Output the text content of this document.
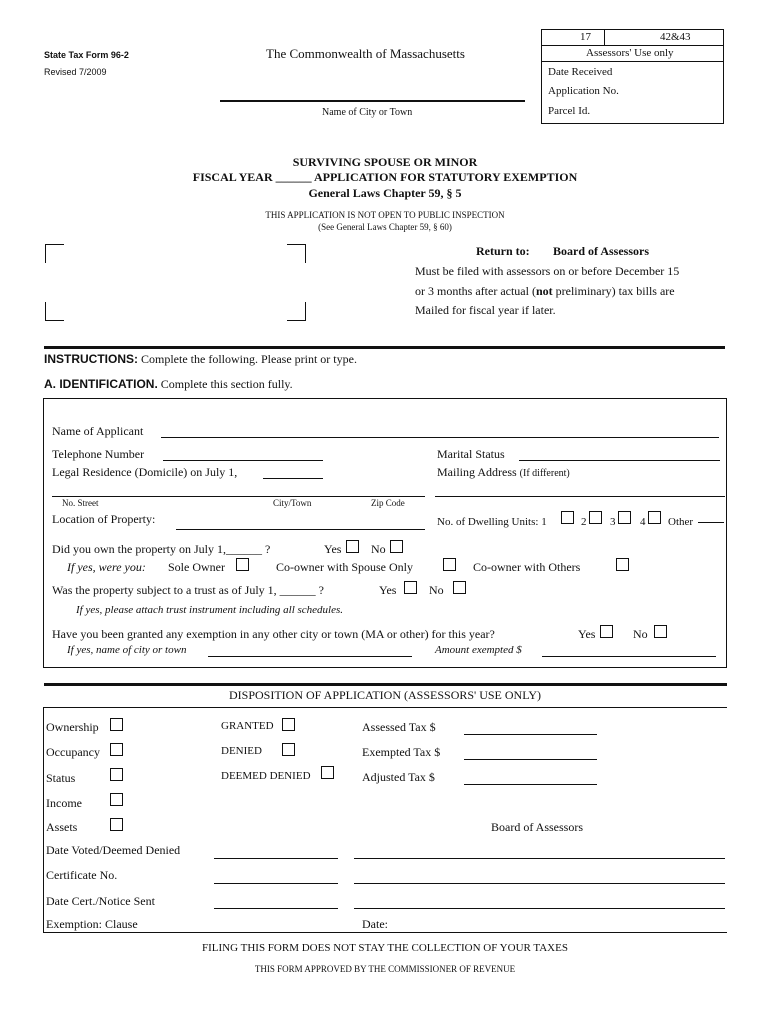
State Tax Form 96-2
Revised 7/2009
The Commonwealth of Massachusetts
Name of City or Town
17	42&43
Assessors' Use only
Date Received
Application No.
Parcel Id.
SURVIVING SPOUSE OR MINOR
FISCAL YEAR ______ APPLICATION FOR STATUTORY EXEMPTION
General Laws Chapter 59, § 5
THIS APPLICATION IS NOT OPEN TO PUBLIC INSPECTION
(See General Laws Chapter 59, § 60)
Return to: Board of Assessors
Must be filed with assessors on or before December 15
or 3 months after actual (not preliminary) tax bills are
Mailed for fiscal year if later.
INSTRUCTIONS: Complete the following. Please print or type.
A. IDENTIFICATION. Complete this section fully.
Name of Applicant
Telephone Number
Legal Residence (Domicile) on July 1,
Marital Status
Mailing Address (If different)
No. Street	City/Town	Zip Code
Location of Property:	No. of Dwelling Units: 1	2 3 4 Other
Did you own the property on July 1,______ ?	Yes No
If yes, were you: Sole Owner	Co-owner with Spouse Only	Co-owner with Others
Was the property subject to a trust as of July 1, ______ ?	Yes	No
If yes, please attach trust instrument including all schedules.
Have you been granted any exemption in any other city or town (MA or other) for this year?	Yes	No
If yes, name of city or town	Amount exempted $
DISPOSITION OF APPLICATION (ASSESSORS' USE ONLY)
Ownership
Occupancy
Status
Income
Assets
GRANTED
DENIED
DEEMED DENIED
Assessed Tax $
Exempted Tax $
Adjusted Tax $
Board of Assessors
Date Voted/Deemed Denied
Certificate No.
Date Cert./Notice Sent
Exemption: Clause	Date:
FILING THIS FORM DOES NOT STAY THE COLLECTION OF YOUR TAXES
THIS FORM APPROVED BY THE COMMISSIONER OF REVENUE
